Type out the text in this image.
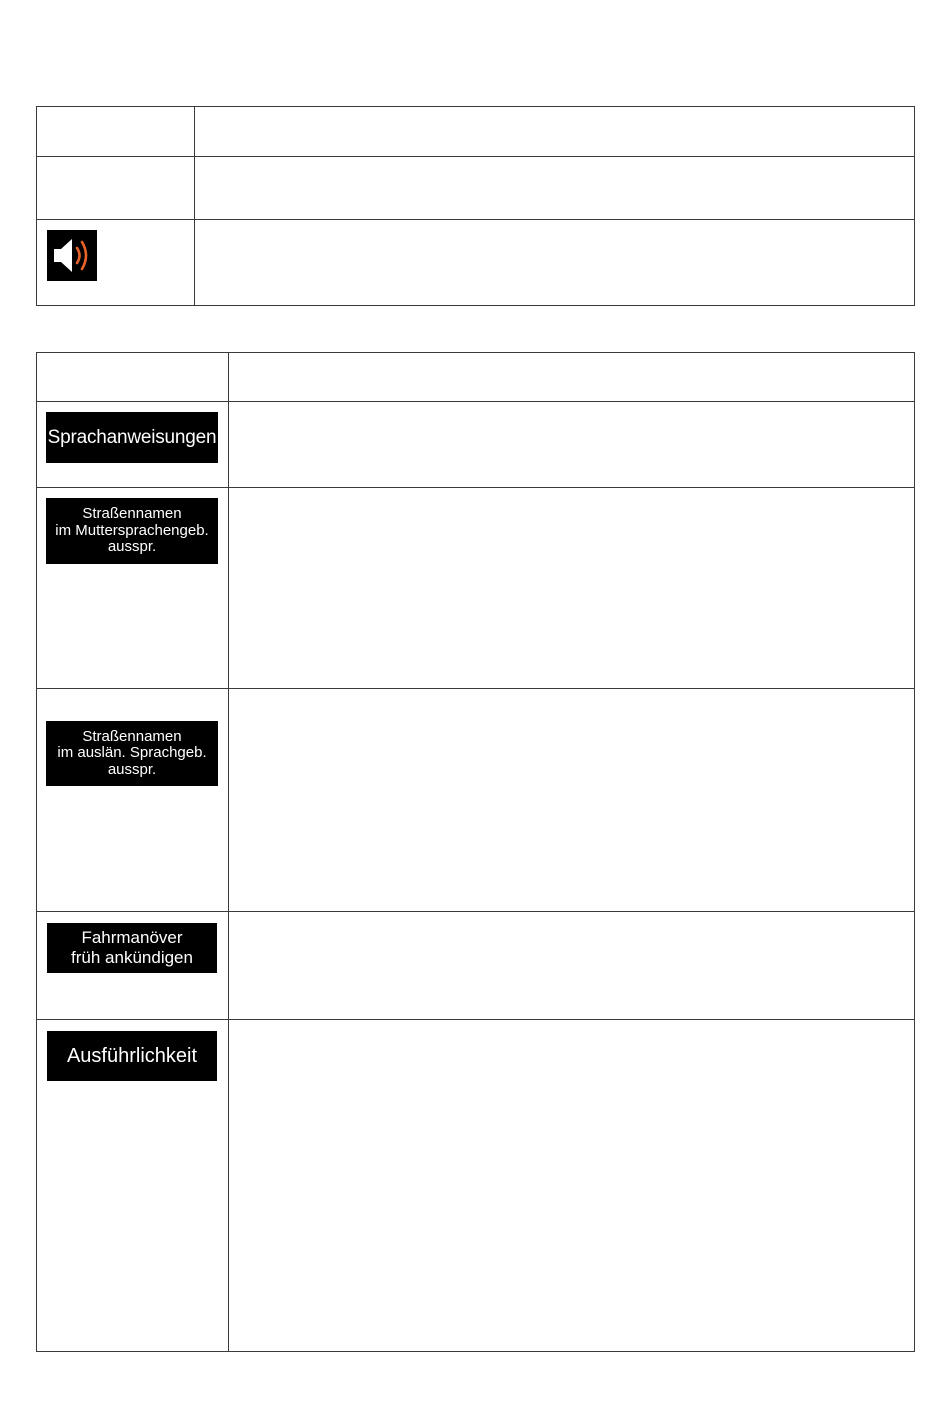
Sprachanweisungen	

Straßennamen
im Muttersprachengeb.
ausspr.	

Straßennamen
im auslän. Sprachgeb.
ausspr.	

Fahrmanöver
früh ankündigen	

Ausführlichkeit	
